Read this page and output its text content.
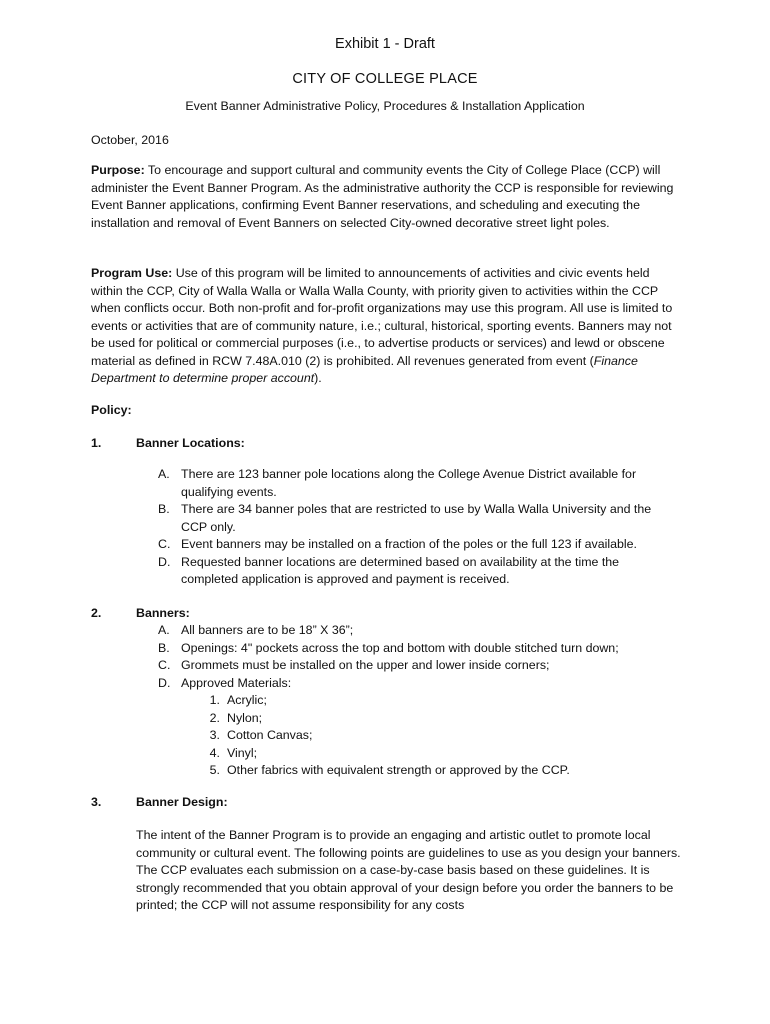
Exhibit 1 - Draft
CITY OF COLLEGE PLACE
Event Banner Administrative Policy, Procedures & Installation Application
October, 2016

Purpose: To encourage and support cultural and community events the City of College Place (CCP) will administer the Event Banner Program. As the administrative authority the CCP is responsible for reviewing Event Banner applications, confirming Event Banner reservations, and scheduling and executing the installation and removal of Event Banners on selected City-owned decorative street light poles.

Program Use: Use of this program will be limited to announcements of activities and civic events held within the CCP, City of Walla Walla or Walla Walla County, with priority given to activities within the CCP when conflicts occur. Both non-profit and for-profit organizations may use this program. All use is limited to events or activities that are of community nature, i.e.; cultural, historical, sporting events. Banners may not be used for political or commercial purposes (i.e., to advertise products or services) and lewd or obscene material as defined in RCW 7.48A.010 (2) is prohibited. All revenues generated from event (Finance Department to determine proper account).

Policy:
1.	Banner Locations:
A. There are 123 banner pole locations along the College Avenue District available for qualifying events.
B. There are 34 banner poles that are restricted to use by Walla Walla University and the CCP only.
C. Event banners may be installed on a fraction of the poles or the full 123 if available.
D. Requested banner locations are determined based on availability at the time the completed application is approved and payment is received.
2.	Banners:
A. All banners are to be 18” X 36”;
B. Openings: 4" pockets across the top and bottom with double stitched turn down;
C. Grommets must be installed on the upper and lower inside corners;
D. Approved Materials:
1. Acrylic;
2. Nylon;
3. Cotton Canvas;
4. Vinyl;
5. Other fabrics with equivalent strength or approved by the CCP.
3.	Banner Design:

The intent of the Banner Program is to provide an engaging and artistic outlet to promote local community or cultural event. The following points are guidelines to use as you design your banners. The CCP evaluates each submission on a case-by-case basis based on these guidelines. It is strongly recommended that you obtain approval of your design before you order the banners to be printed; the CCP will not assume responsibility for any costs
